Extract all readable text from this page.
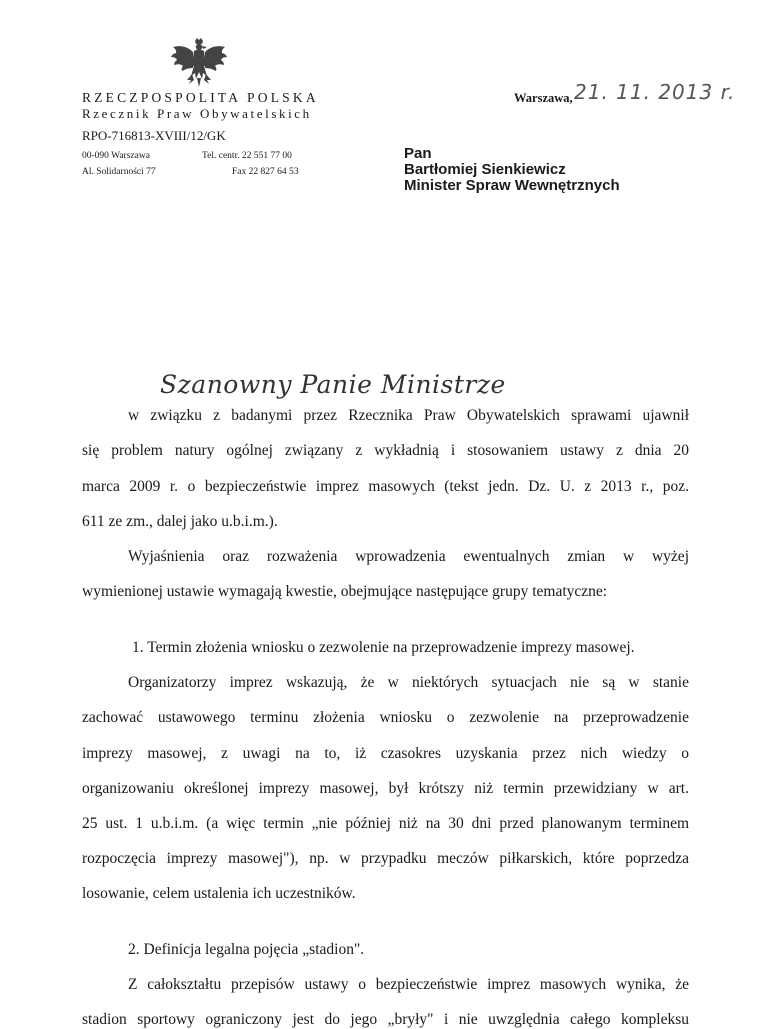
RZECZPOSPOLITA POLSKA
Rzecznik Praw Obywatelskich
RPO-716813-XVIII/12/GK
00-090 Warszawa
Al. Solidarności 77
Tel. centr. 22 551 77 00
Fax 22 827 64 53
Warszawa, 21. 11. 2013 r.
Pan
Bartłomiej Sienkiewicz
Minister Spraw Wewnętrznych
Szanowny Panie Ministrze
w związku z badanymi przez Rzecznika Praw Obywatelskich sprawami ujawnił
się problem natury ogólnej związany z wykładnią i stosowaniem ustawy z dnia 20
marca 2009 r. o bezpieczeństwie imprez masowych (tekst jedn. Dz. U. z 2013 r., poz.
611 ze zm., dalej jako u.b.i.m.).
Wyjaśnienia oraz rozważenia wprowadzenia ewentualnych zmian w wyżej
wymienionej ustawie wymagają kwestie, obejmujące następujące grupy tematyczne:
1. Termin złożenia wniosku o zezwolenie na przeprowadzenie imprezy masowej.
Organizatorzy imprez wskazują, że w niektórych sytuacjach nie są w stanie
zachować ustawowego terminu złożenia wniosku o zezwolenie na przeprowadzenie
imprezy masowej, z uwagi na to, iż czasokres uzyskania przez nich wiedzy o
organizowaniu określonej imprezy masowej, był krótszy niż termin przewidziany w art.
25 ust. 1 u.b.i.m. (a więc termin „nie później niż na 30 dni przed planowanym terminem
rozpoczęcia imprezy masowej"), np. w przypadku meczów piłkarskich, które poprzedza
losowanie, celem ustalenia ich uczestników.
2. Definicja legalna pojęcia „stadion".
Z całokształtu przepisów ustawy o bezpieczeństwie imprez masowych wynika, że
stadion sportowy ograniczony jest do jego „bryły" i nie uwzględnia całego kompleksu
